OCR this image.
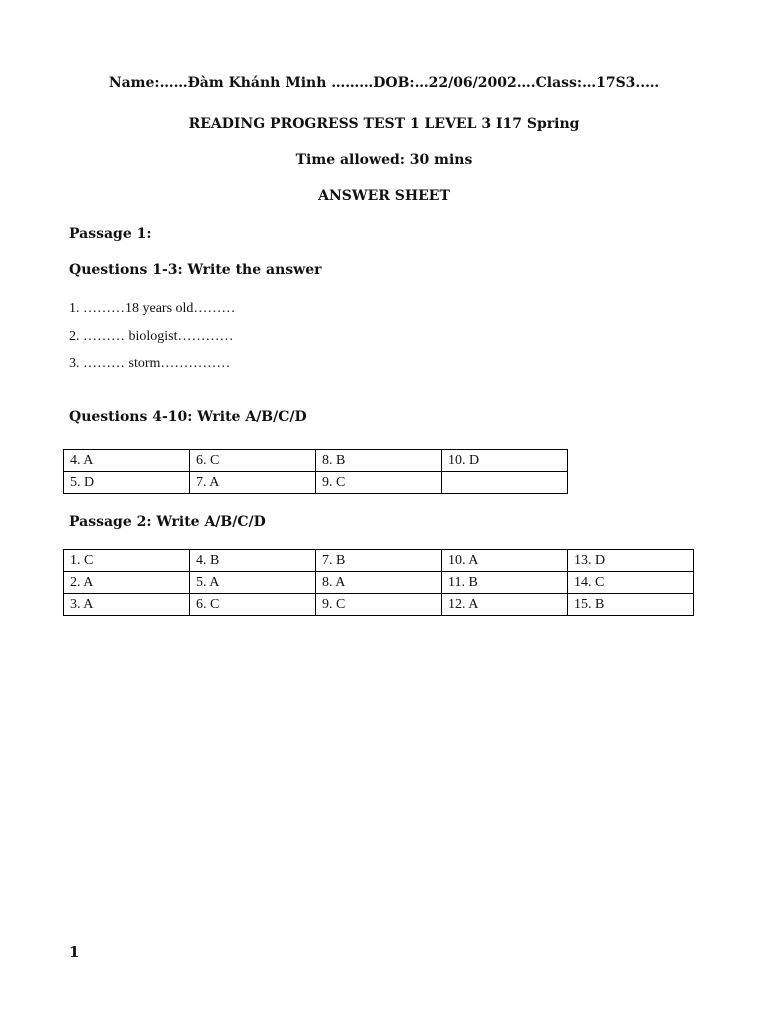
Name:……Đàm Khánh Minh ………DOB:…22/06/2002….Class:…17S3..…
READING PROGRESS TEST 1 LEVEL 3 I17 Spring
Time allowed: 30 mins
ANSWER SHEET
Passage 1:
Questions 1-3: Write the answer
1. ………18 years old………
2. ……… biologist…………
3. ……… storm……………
Questions 4-10: Write A/B/C/D
4. A	6. C	8. B	10. D
5. D	7. A	9. C	
Passage 2: Write A/B/C/D
1. C	4. B	7. B	10. A	13. D
2. A	5. A	8. A	11. B	14. C
3. A	6. C	9. C	12. A	15. B
1
